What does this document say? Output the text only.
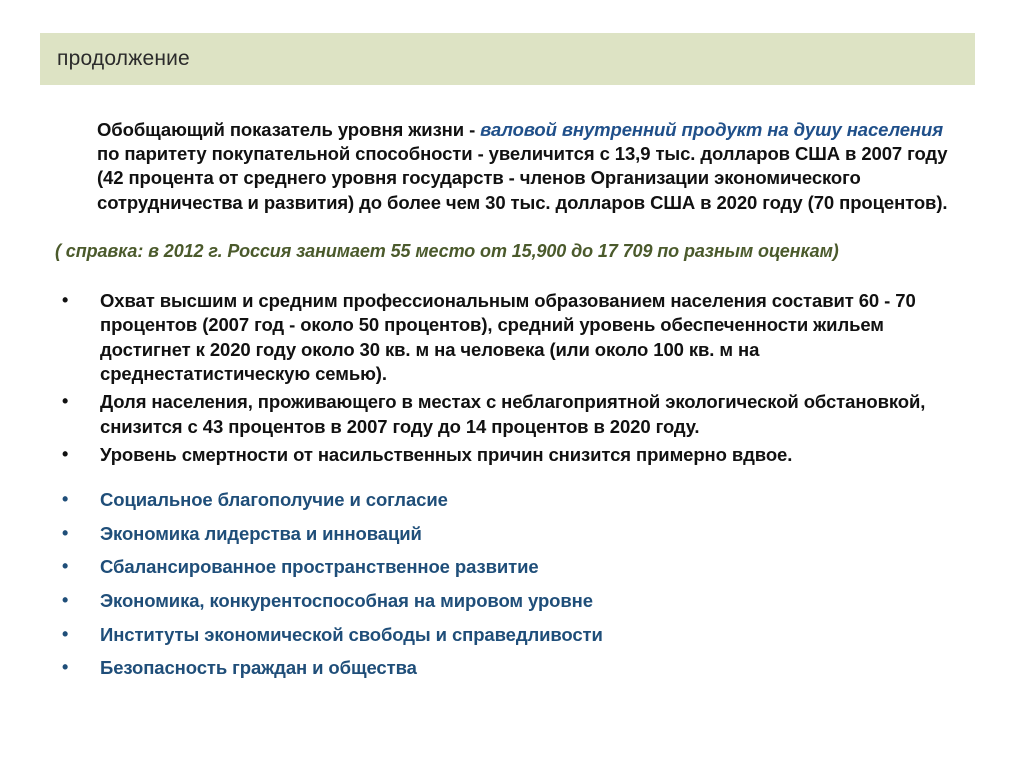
продолжение

Обобщающий показатель уровня жизни - валовой внутренний продукт на душу населения по паритету покупательной способности - увеличится с 13,9 тыс. долларов США в 2007 году (42 процента от среднего уровня государств - членов Организации экономического сотрудничества и развития) до более чем 30 тыс. долларов США в 2020 году (70 процентов).

( справка: в 2012 г. Россия занимает 55 место от 15,900 до 17 709 по разным оценкам)

• Охват высшим и средним профессиональным образованием населения составит 60 - 70 процентов (2007 год - около 50 процентов), средний уровень обеспеченности жильем достигнет к 2020 году около 30 кв. м на человека (или около 100 кв. м на среднестатистическую семью).
• Доля населения, проживающего в местах с неблагоприятной экологической обстановкой, снизится с 43 процентов в 2007 году до 14 процентов в 2020 году.
• Уровень смертности от насильственных причин снизится примерно вдвое.
• Социальное благополучие и согласие
• Экономика лидерства и инноваций
• Сбалансированное пространственное развитие
• Экономика, конкурентоспособная на мировом уровне
• Институты экономической свободы и справедливости
• Безопасность граждан и общества
